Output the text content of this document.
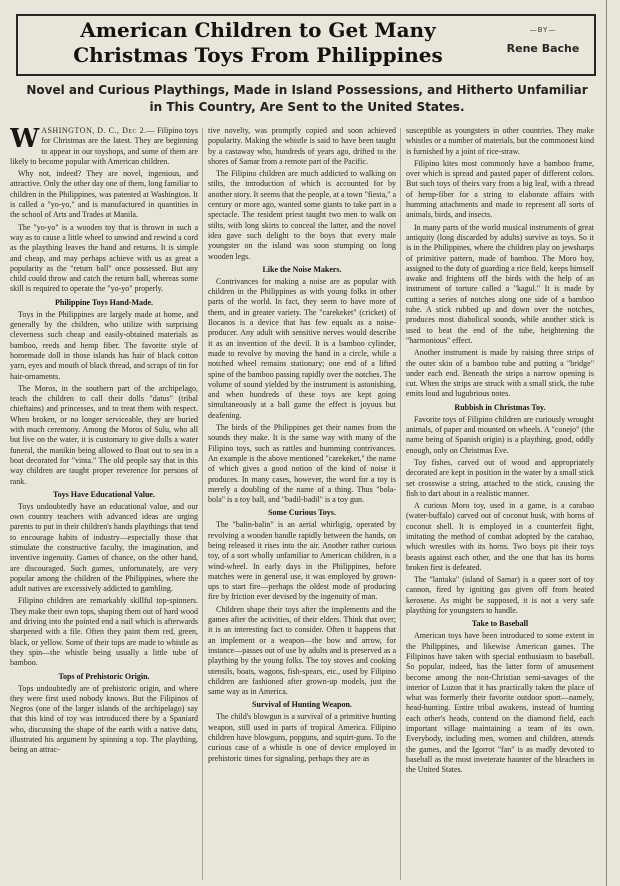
American Children to Get Many Christmas Toys From Philippines
—BY—
Rene Bache
Novel and Curious Playthings, Made in Island Possessions, and Hitherto Unfamiliar in This Country, Are Sent to the United States.

WASHINGTON, D. C., Dec 2.— Filipino toys for Christmas are the latest. They are beginning to appear in our toyshops, and some of them are likely to become popular with American children.

Why not, indeed? They are novel, ingenious, and attractive. Only the other day one of them, long familiar to children in the Philippines, was patented at Washington. It is called a "yo-yo," and is manufactured in quantities in the school of Arts and Trades at Manila.

The "yo-yo" is a wooden toy that is thrown in such a way as to cause a little wheel to unwind and rewind a cord as the plaything leaves the hand and returns. It is simple and cheap, and may perhaps achieve with us as great a popularity as the "return ball" once possessed. But any child could throw and catch the return ball, whereas some skill is required to operate the "yo-yo" properly.

Philippine Toys Hand-Made.

Toys in the Philippines are largely made at home, and generally by the children, who utilize with surprising cleverness such cheap and easily-obtained materials as bamboo, reeds and hemp fiber. The favorite style of homemade doll in those islands has hair of black cotton yarn, eyes and mouth of black thread, and scraps of tin for hair-ornaments.

The Moros, in the southern part of the archipelago, teach the children to call their dolls "datus" (tribal chieftains) and princesses, and to treat them with respect. When broken, or no longer serviceable, they are buried with much ceremony. Among the Moros of Sulu, who all but live on the water, it is customary to give dolls a water funeral, the manikin being allowed to float out to sea in a boat decorated for "vinta." The old people say that in this way children are taught proper reverence for persons of rank.

Toys Have Educational Value.

Toys undoubtedly have an educational value, and our own country teachers with advanced ideas are urging parents to put in their children's hands playthings that tend to encourage habits of industry—especially those that stimulate the constructive faculty, the imagination, and inventive ingenuity. Games of chance, on the other hand, are discouraged. Such games, unfortunately, are very popular among the children of the Philippines, where the adult natives are excessively addicted to gambling.

Filipino children are remarkably skillful top-spinners. They make their own tops, shaping them out of hard wood and driving into the pointed end a nail which is afterwards sharpened with a file. Often they paint them red, green, black, or yellow. Some of their tops are made to whistle as they spin—the whistle being usually a little tube of bamboo.

Tops of Prehistoric Origin.

Tops undoubtedly are of prehistoric origin, and where they were first used nobody knows. But the Filipinos of Negros (one of the larger islands of the archipelago) say that this kind of toy was introduced there by a Spaniard who, discussing the shape of the earth with a native datu, illustrated his argument by spinning a top. The plaything, being an attrac-

tive novelty, was promptly copied and soon achieved popularity. Making the whistle is said to have been taught by a castaway who, hundreds of years ago, drifted to the shores of Samar from a remote part of the Pacific.

The Filipino children are much addicted to walking on stilts, the introduction of which is accounted for by another story. It seems that the people, at a town "fiesta," a century or more ago, wanted some giants to take part in a spectacle. The resident priest taught two men to walk on stilts, with long skirts to conceal the latter, and the novel idea gave such delight to the boys that every male youngster on the island was soon stumping on long wooden legs.

Like the Noise Makers.

Contrivances for making a noise are as popular with children in the Philippines as with young folks in other parts of the world. In fact, they seem to have more of them, and in greater variety. The "carekeket" (cricket) of Ilocanos is a device that has few equals as a noise-producer. Any adult with sensitive nerves would describe it as an invention of the devil. It is a bamboo cylinder, made to revolve by moving the hand in a circle, while a notched wheel remains stationary; one end of a lifted spine of the bamboo passing rapidly over the notches. The volume of sound yielded by the instrument is astonishing, and when hundreds of these toys are kept going simultaneously at a ball game the effect is joyous but deafening.

The birds of the Philippines get their names from the sounds they make. It is the same way with many of the Filipino toys, such as rattles and humming contrivances. An example is the above mentioned "carekeket," the name of which gives a good notion of the kind of noise it produces. In many cases, however, the word for a toy is merely a doubling of the name of a thing. Thus "bola-bola" is a toy ball, and "badil-badil" is a toy gun.

Some Curious Toys.

The "balin-balin" is an aerial whirligig, operated by revolving a wooden handle rapidly between the hands, on being released it rises into the air. Another rather curious toy, of a sort wholly unfamiliar to American children, is a wind-wheel. In early days in the Philippines, before matches were in general use, it was employed by grown-ups to start fire—perhaps the oldest mode of producing fire by friction ever devised by the ingenuity of man.

Children shape their toys after the implements and the games after the activities, of their elders. Think that over; it is an interesting fact to consider. Often it happens that an implement or a weapon—the bow and arrow, for instance—passes out of use by adults and is preserved as a plaything by the young folks. The toy stoves and cooking utensils, boats, wagons, fish-spears, etc., used by Filipino children are fashioned after grown-up models, just the same way as in America.

Survival of Hunting Weapon.

The child's blowgun is a survival of a primitive hunting weapon, still used in parts of tropical America. Filipino children have blowguns, popguns, and squirt-guns. To the curious case of a whistle is one of device employed in prehistoric times for signaling, perhaps they are as

susceptible as youngsters in other countries. They make whistles or a number of materials, but the commonest kind is furnished by a joint of rice-straw.

Filipino kites most commonly have a bamboo frame, over which is spread and pasted paper of different colors. But such toys of theirs vary from a big leaf, with a thread of hemp-fiber for a string to elaborate affairs with humming attachments and made to represent all sorts of animals, birds, and insects.

In many parts of the world musical instruments of great antiquity (long discarded by adults) survive as toys. So it is in the Philippines, where the children play on jewsharps of primitive pattern, made of bamboo. The Moro boy, assigned to the duty of guarding a rice field, keeps himself awake and frightens off the birds with the help of an instrument of torture called a "kagul." It is made by cutting a series of notches along one side of a bamboo tube. A stick rubbed up and down over the notches, produces most diabolical sounds, while another stick is used to beat the end of the tube, heightening the "harmonious" effect.

Another instrument is made by raising three strips of the outer skin of a bamboo tube and putting a "bridge" under each end. Beneath the strips a narrow opening is cut. When the strips are struck with a small stick, the tube emits loud and lugubrious notes.

Rubbish in Christmas Toy.

Favorite toys of Filipino children are curiously wrought animals, of paper and mounted on wheels. A "conejo" (the name being of Spanish origin) is a plaything, good, oddly enough, only on Christmas Eve.

Toy fishes, carved out of wood and appropriately decorated are kept in position in the water by a small stick set crosswise a string, attached to the stick, causing the fish to dart about in a realistic manner.

A curious Moro toy, used in a game, is a carabao (water-buffalo) carved out of coconut husk, with horns of coconut shell. It is employed in a counterfeit fight, imitating the method of combat adopted by the carabao, which wrestles with its horns. Two boys pit their toys beasts against each other, and the one that has its horns broken first is defeated.

The "lantaka" (island of Samar) is a queer sort of toy cannon, fired by igniting gas given off from heated kerosene. As might be supposed, it is not a very safe plaything for youngsters to handle.

Take to Baseball

American toys have been introduced to some extent in the Philippines, and likewise American games. The Filipinos have taken with special enthusiasm to baseball. So popular, indeed, has the latter form of amusement become among the non-Christian semi-savages of the interior of Luzon that it has practically taken the place of what was formerly their favorite outdoor sport—namely, head-hunting. Entire tribal awakens, instead of hunting each other's heads, contend on the diamond field, each important village maintaining a team of its own. Everybody, including men, women and children, attends the games, and the Igorrot "fan" is as madly devoted to baseball as the most inveterate haunter of the bleachers in the United States.
